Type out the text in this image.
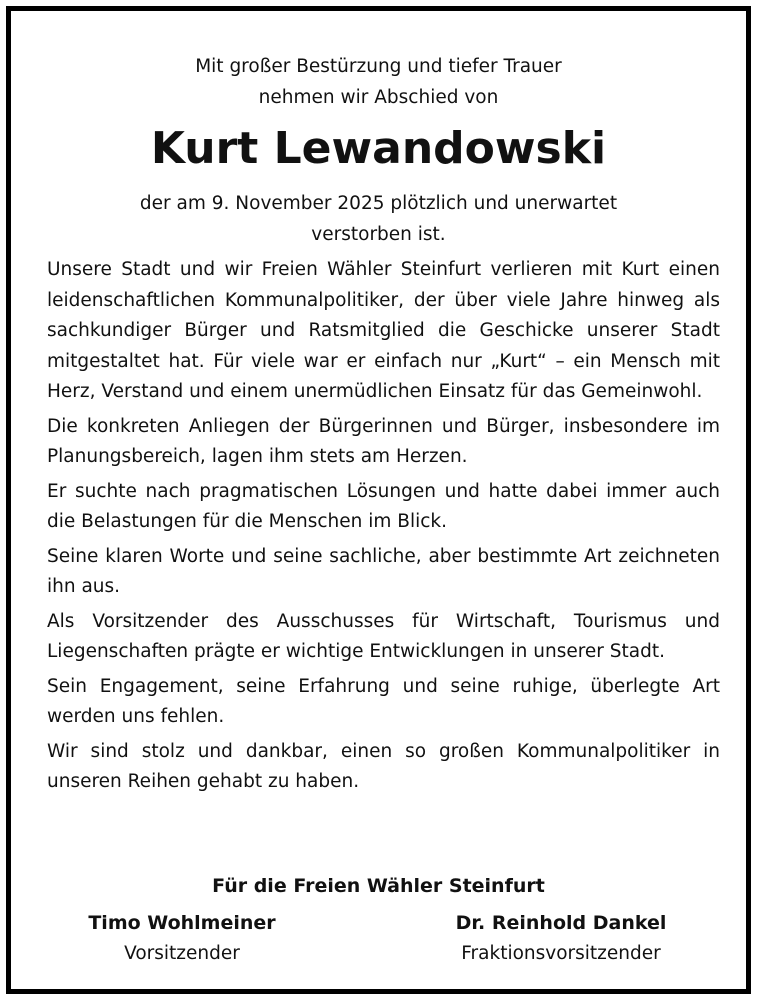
Mit großer Bestürzung und tiefer Trauer
nehmen wir Abschied von
Kurt Lewandowski
der am 9. November 2025 plötzlich und unerwartet
verstorben ist.

Unsere Stadt und wir Freien Wähler Steinfurt verlieren mit Kurt einen leidenschaftlichen Kommunalpolitiker, der über viele Jahre hinweg als sachkundiger Bürger und Ratsmitglied die Geschicke unserer Stadt mitgestaltet hat. Für viele war er einfach nur „Kurt“ – ein Mensch mit Herz, Verstand und einem unermüdlichen Einsatz für das Gemeinwohl.

Die konkreten Anliegen der Bürgerinnen und Bürger, insbesondere im Planungsbereich, lagen ihm stets am Herzen.

Er suchte nach pragmatischen Lösungen und hatte dabei immer auch die Belastungen für die Menschen im Blick.

Seine klaren Worte und seine sachliche, aber bestimmte Art zeichneten ihn aus.

Als Vorsitzender des Ausschusses für Wirtschaft, Tourismus und Liegenschaften prägte er wichtige Entwicklungen in unserer Stadt.

Sein Engagement, seine Erfahrung und seine ruhige, überlegte Art werden uns fehlen.

Wir sind stolz und dankbar, einen so großen Kommunalpolitiker in unseren Reihen gehabt zu haben.

Für die Freien Wähler Steinfurt
Timo Wohlmeiner
Vorsitzender
Dr. Reinhold Dankel
Fraktionsvorsitzender
